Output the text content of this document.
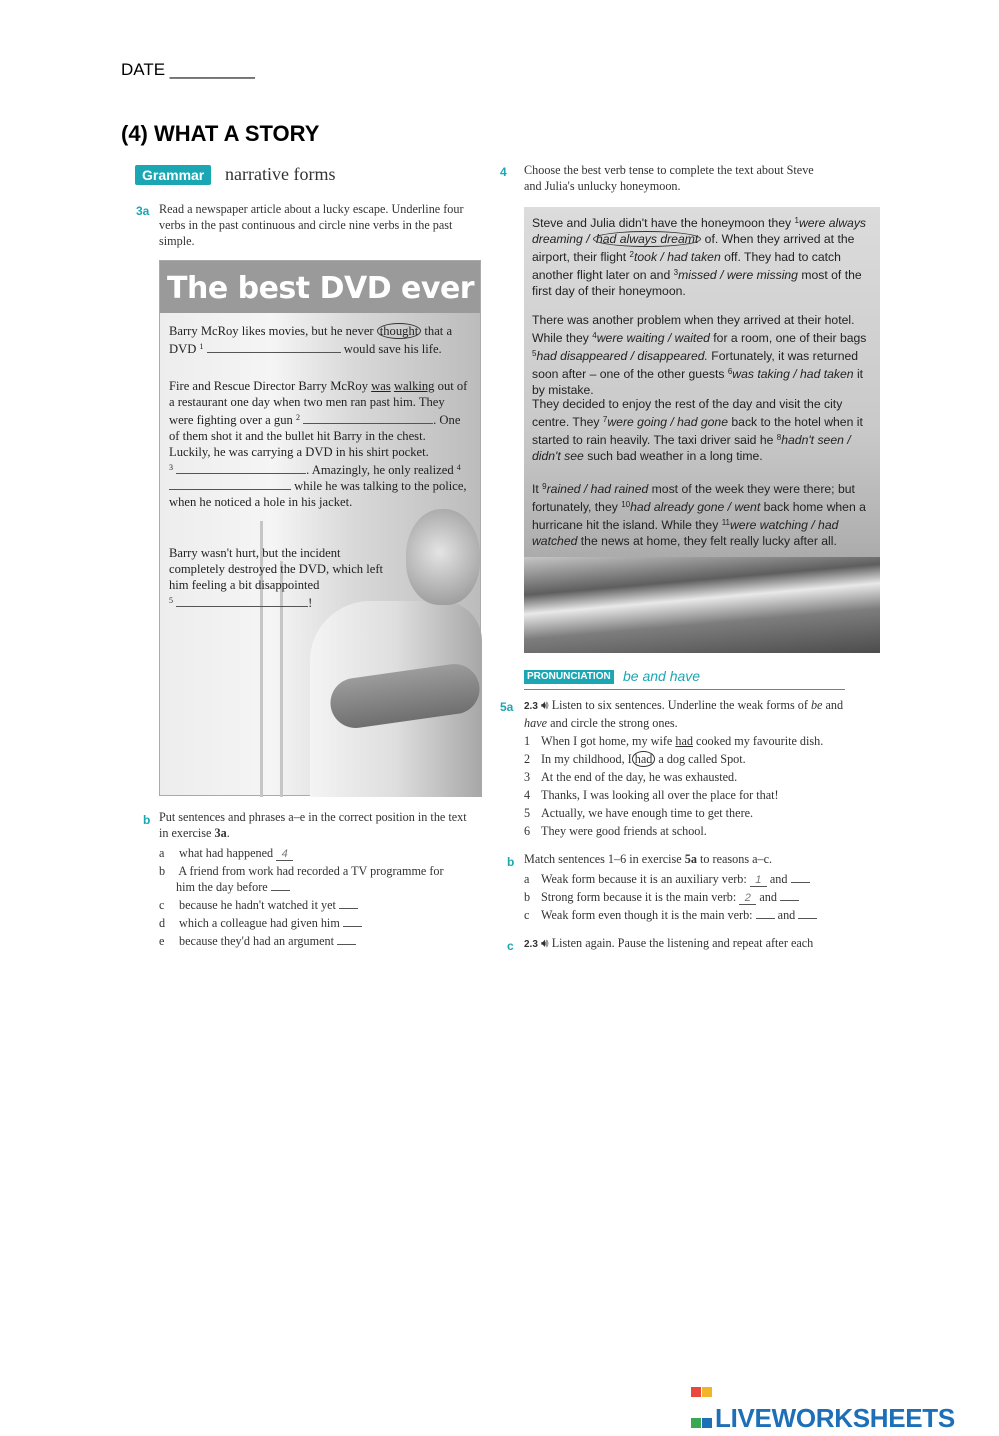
DATE _________
(4) WHAT A STORY
Grammar	narrative forms
3a Read a newspaper article about a lucky escape. Underline four verbs in the past continuous and circle nine verbs in the past simple.
The best DVD ever
Barry McRoy likes movies, but he never thought that a DVD $^1$	would save his life.
Fire and Rescue Director Barry McRoy was walking out of a restaurant one day when two men ran past him. They were fighting over a gun $^2$	. One of them shot it and the bullet hit Barry in the chest. Luckily, he was carrying a DVD in his shirt pocket.
$^3$	. Amazingly, he only realized $^4$  while he was talking to the police, when he noticed a hole in his jacket.
Barry wasn't hurt, but the incident completely destroyed the DVD, which left him feeling a bit disappointed
$^5$	!
b Put sentences and phrases a–e in the correct position in the text in exercise 3a.
a what had happened 4
b A friend from work had recorded a TV programme for
him the day before
c because he hadn't watched it yet
d which a colleague had given him
e because they'd had an argument
4 Choose the best verb tense to complete the text about Steve and Julia's unlucky honeymoon.
Steve and Julia didn't have the honeymoon they $^1$were always dreaming / had always dreamt of. When they arrived at the airport, their flight $^2$took / had taken off. They had to catch another flight later on and $^3$missed / were missing most of the first day of their honeymoon.
There was another problem when they arrived at their hotel. While they $^4$were waiting / waited for a room, one of their bags $^5$had disappeared / disappeared. Fortunately, it was returned soon after – one of the other guests $^6$was taking / had taken it by mistake.
They decided to enjoy the rest of the day and visit the city centre. They $^7$were going / had gone back to the hotel when it started to rain heavily. The taxi driver said he $^8$hadn't seen / didn't see such bad weather in a long time.
It $^9$rained / had rained most of the week they were there; but fortunately, they $^{10}$had already gone / went back home when a hurricane hit the island. While they $^{11}$were watching / had watched the news at home, they felt really lucky after all.
PRONUNCIATION be and have
5a 2.3 🔊︎ Listen to six sentences. Underline the weak forms of be and have and circle the strong ones.
1 When I got home, my wife had cooked my favourite dish.
2 In my childhood, I had a dog called Spot.
3 At the end of the day, he was exhausted.
4 Thanks, I was looking all over the place for that!
5 Actually, we have enough time to get there.
6 They were good friends at school.
b Match sentences 1–6 in exercise 5a to reasons a–c.
a Weak form because it is an auxiliary verb: 1 and
b Strong form because it is the main verb: 2 and
c Weak form even though it is the main verb: and
c 2.3 🔊︎ Listen again. Pause the listening and repeat after each
LIVEWORKSHEETS
